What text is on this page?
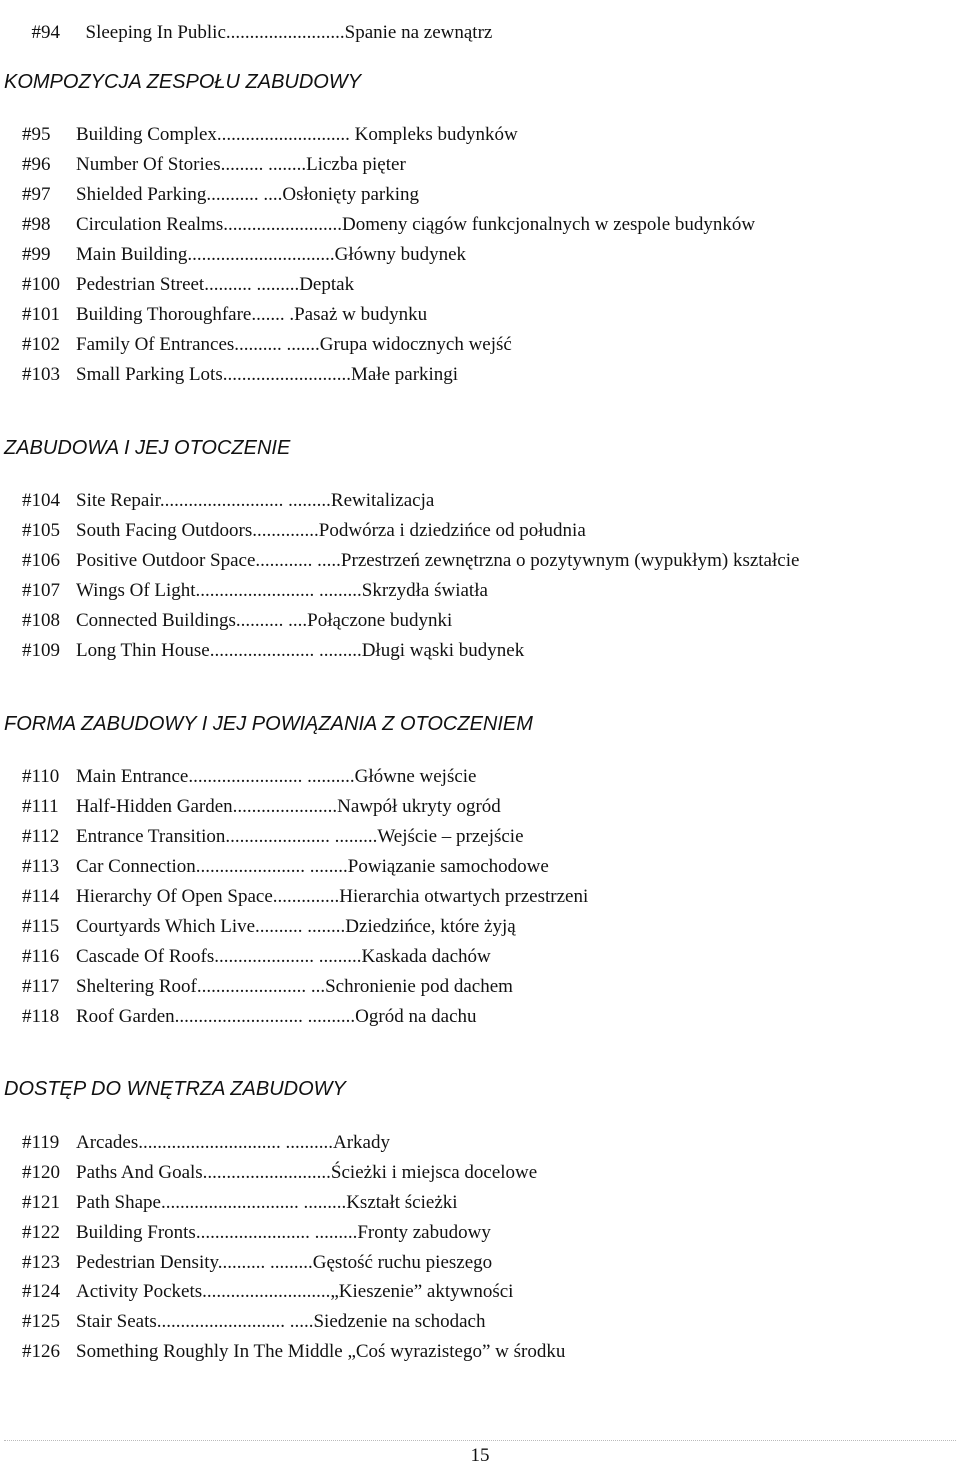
#94 Sleeping In Public.........................Spanie na zewnątrz

KOMPOZYCJA ZESPOŁU ZABUDOWY
#95 Building Complex............................ Kompleks budynków
#96 Number Of Stories......... ........Liczba pięter
#97 Shielded Parking........... ....Osłonięty parking
#98 Circulation Realms.........................Domeny ciągów funkcjonalnych w zespole budynków
#99 Main Building...............................Główny budynek
#100 Pedestrian Street.......... .........Deptak
#101 Building Thoroughfare....... .Pasaż w budynku
#102 Family Of Entrances.......... .......Grupa widocznych wejść
#103 Small Parking Lots...........................Małe parkingi
ZABUDOWA I JEJ OTOCZENIE
#104 Site Repair.......................... .........Rewitalizacja
#105 South Facing Outdoors..............Podwórza i dziedzińce od południa
#106 Positive Outdoor Space............ .....Przestrzeń zewnętrzna o pozytywnym (wypukłym) kształcie
#107 Wings Of Light......................... .........Skrzydła światła
#108 Connected Buildings.......... ....Połączone budynki
#109 Long Thin House...................... .........Długi wąski budynek
FORMA ZABUDOWY I JEJ POWIĄZANIA Z OTOCZENIEM
#110 Main Entrance........................ ..........Główne wejście
#111 Half-Hidden Garden......................Nawpół ukryty ogród
#112 Entrance Transition...................... .........Wejście – przejście
#113 Car Connection....................... ........Powiązanie samochodowe
#114 Hierarchy Of Open Space..............Hierarchia otwartych przestrzeni
#115 Courtyards Which Live.......... ........Dziedzińce, które żyją
#116 Cascade Of Roofs..................... .........Kaskada dachów
#117 Sheltering Roof....................... ...Schronienie pod dachem
#118 Roof Garden........................... ..........Ogród na dachu
DOSTĘP DO WNĘTRZA ZABUDOWY
#119 Arcades.............................. ..........Arkady
#120 Paths And Goals...........................Ścieżki i miejsca docelowe
#121 Path Shape............................. .........Kształt ścieżki
#122 Building Fronts........................ .........Fronty zabudowy
#123 Pedestrian Density.......... .........Gęstość ruchu pieszego
#124 Activity Pockets...........................„Kieszenie” aktywności
#125 Stair Seats........................... .....Siedzenie na schodach
#126 Something Roughly In The Middle „Coś wyrazistego” w środku
15
